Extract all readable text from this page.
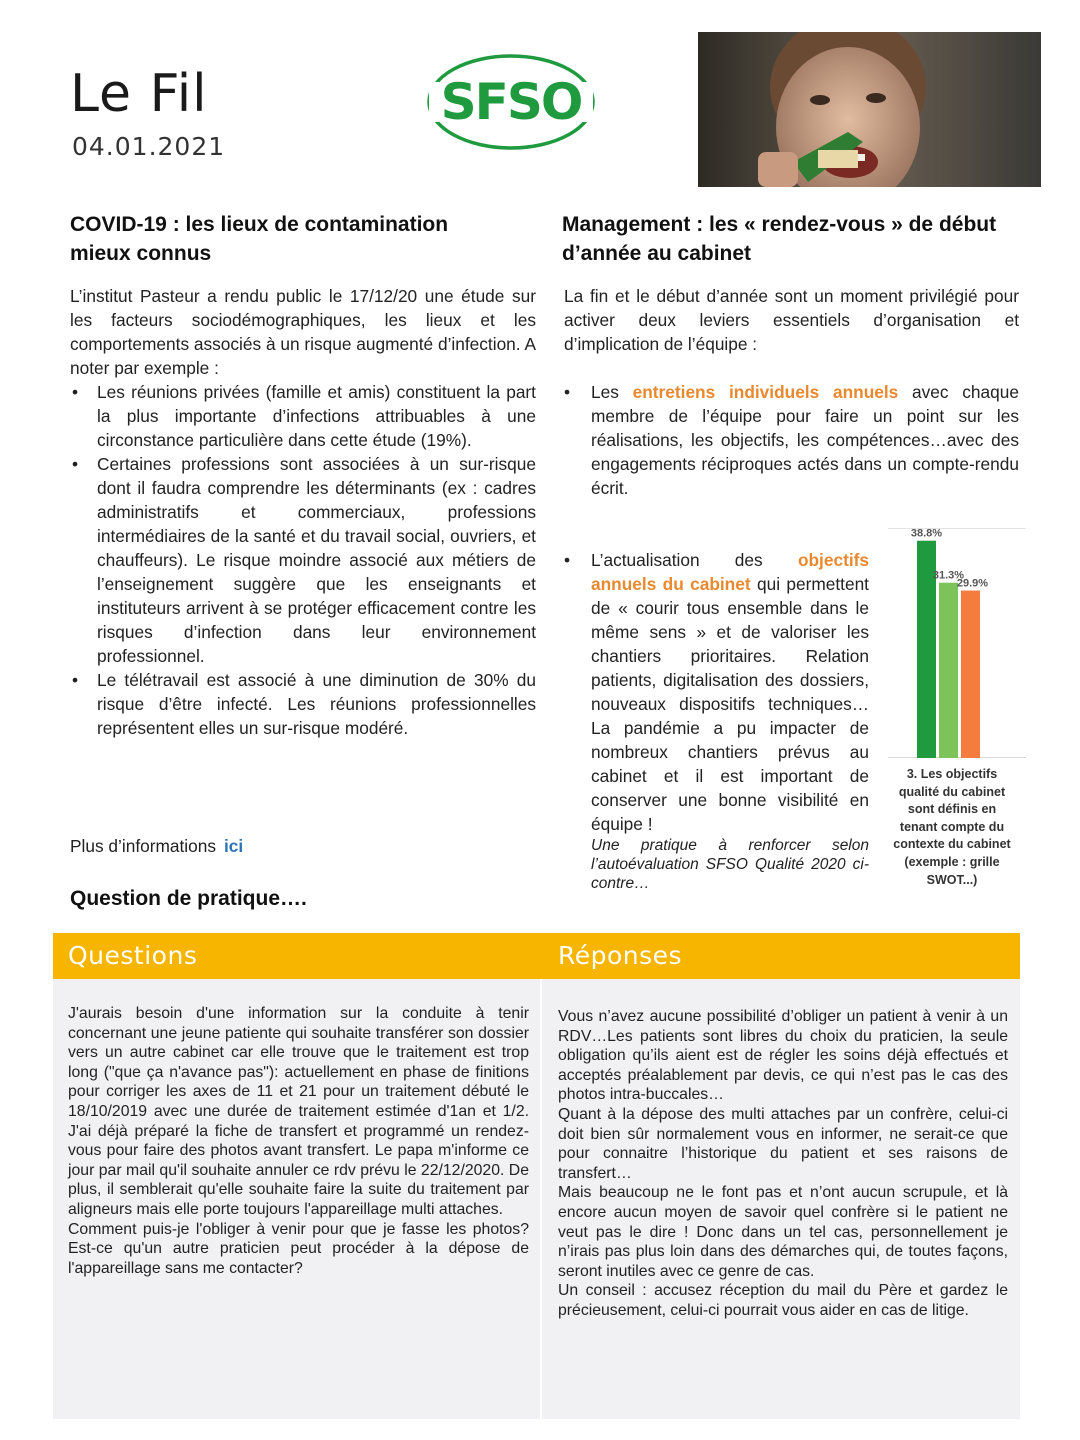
Le Fil
04.01.2021
SFSO
COVID-19 : les lieux de contamination mieux connus

L’institut Pasteur a rendu public le 17/12/20 une étude sur les facteurs sociodémographiques, les lieux et les comportements associés à un risque augmenté d’infection. A noter par exemple :

• Les réunions privées (famille et amis) constituent la part la plus importante d’infections attribuables à une circonstance particulière dans cette étude (19%).
• Certaines professions sont associées à un sur-risque dont il faudra comprendre les déterminants (ex : cadres administratifs et commerciaux, professions intermédiaires de la santé et du travail social, ouvriers, et chauffeurs). Le risque moindre associé aux métiers de l’enseignement suggère que les enseignants et instituteurs arrivent à se protéger efficacement contre les risques d’infection dans leur environnement professionnel.
• Le télétravail est associé à une diminution de 30% du risque d’être infecté. Les réunions professionnelles représentent elles un sur-risque modéré.
Plus d’informations ici
Management : les « rendez-vous » de début d’année au cabinet
La fin et le début d’année sont un moment privilégié pour activer deux leviers essentiels d’organisation et d’implication de l’équipe :
• Les entretiens individuels annuels avec chaque membre de l’équipe pour faire un point sur les réalisations, les objectifs, les compétences…avec des engagements réciproques actés dans un compte-rendu écrit.
• L’actualisation des objectifs annuels du cabinet qui permettent de « courir tous ensemble dans le même sens » et de valoriser les chantiers prioritaires. Relation patients, digitalisation des dossiers, nouveaux dispositifs techniques… La pandémie a pu impacter de nombreux chantiers prévus au cabinet et il est important de conserver une bonne visibilité en équipe !

Une pratique à renforcer selon l’autoévaluation SFSO Qualité 2020 ci-contre…

38.8%
31.3%
29.9%
3. Les objectifs qualité du cabinet sont définis en tenant compte du contexte du cabinet (exemple : grille SWOT...)
Question de pratique….
Questions	Réponses

J'aurais besoin d'une information sur la conduite à tenir concernant une jeune patiente qui souhaite transférer son dossier vers un autre cabinet car elle trouve que le traitement est trop long ("que ça n'avance pas"): actuellement en phase de finitions pour corriger les axes de 11 et 21 pour un traitement débuté le 18/10/2019 avec une durée de traitement estimée d'1an et 1/2. J'ai déjà préparé la fiche de transfert et programmé un rendez-vous pour faire des photos avant transfert. Le papa m'informe ce jour par mail qu'il souhaite annuler ce rdv prévu le 22/12/2020. De plus, il semblerait qu'elle souhaite faire la suite du traitement par aligneurs mais elle porte toujours l'appareillage multi attaches.

Comment puis-je l'obliger à venir pour que je fasse les photos? Est-ce qu'un autre praticien peut procéder à la dépose de l'appareillage sans me contacter?

Vous n’avez aucune possibilité d’obliger un patient à venir à un RDV…Les patients sont libres du choix du praticien, la seule obligation qu’ils aient est de régler les soins déjà effectués et acceptés préalablement par devis, ce qui n’est pas le cas des photos intra-buccales…

Quant à la dépose des multi attaches par un confrère, celui-ci doit bien sûr normalement vous en informer, ne serait-ce que pour connaitre l’historique du patient et ses raisons de transfert…

Mais beaucoup ne le font pas et n’ont aucun scrupule, et là encore aucun moyen de savoir quel confrère si le patient ne veut pas le dire ! Donc dans un tel cas, personnellement je n’irais pas plus loin dans des démarches qui, de toutes façons, seront inutiles avec ce genre de cas.

Un conseil : accusez réception du mail du Père et gardez le précieusement, celui-ci pourrait vous aider en cas de litige.
